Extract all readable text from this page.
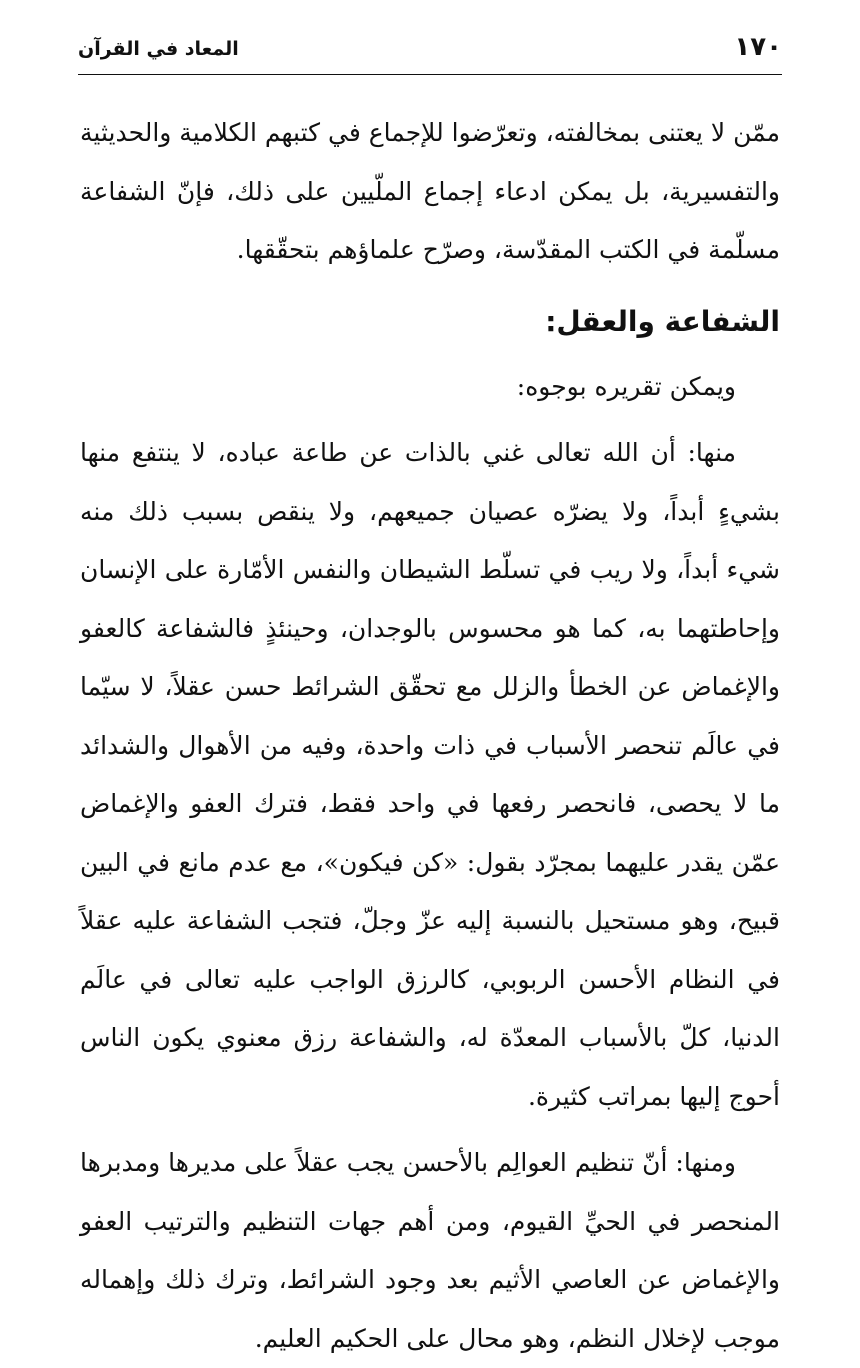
١٧٠
المعاد في القرآن

ممّن لا يعتنى بمخالفته، وتعرّضوا للإجماع في كتبهم الكلامية والحديثية والتفسيرية، بل يمكن ادعاء إجماع الملّيين على ذلك، فإنّ الشفاعة مسلّمة في الكتب المقدّسة، وصرّح علماؤهم بتحقّقها.

الشفاعة والعقل:

ويمكن تقريره بوجوه:

منها: أن الله تعالى غني بالذات عن طاعة عباده، لا ينتفع منها بشيءٍ أبداً، ولا يضرّه عصيان جميعهم، ولا ينقص بسبب ذلك منه شيء أبداً، ولا ريب في تسلّط الشيطان والنفس الأمّارة على الإنسان وإحاطتهما به، كما هو محسوس بالوجدان، وحينئذٍ فالشفاعة كالعفو والإغماض عن الخطأ والزلل مع تحقّق الشرائط حسن عقلاً، لا سيّما في عالَم تنحصر الأسباب في ذات واحدة، وفيه من الأهوال والشدائد ما لا يحصى، فانحصر رفعها في واحد فقط، فترك العفو والإغماض عمّن يقدر عليهما بمجرّد بقول: «كن فيكون»، مع عدم مانع في البين قبيح، وهو مستحيل بالنسبة إليه عزّ وجلّ، فتجب الشفاعة عليه عقلاً في النظام الأحسن الربوبي، كالرزق الواجب عليه تعالى في عالَم الدنيا، كلّ بالأسباب المعدّة له، والشفاعة رزق معنوي يكون الناس أحوج إليها بمراتب كثيرة.

ومنها: أنّ تنظيم العوالِم بالأحسن يجب عقلاً على مديرها ومدبرها المنحصر في الحيِّ القيوم، ومن أهم جهات التنظيم والترتيب العفو والإغماض عن العاصي الأثيم بعد وجود الشرائط، وترك ذلك وإهماله موجب لإخلال النظم، وهو محال على الحكيم العليم.
